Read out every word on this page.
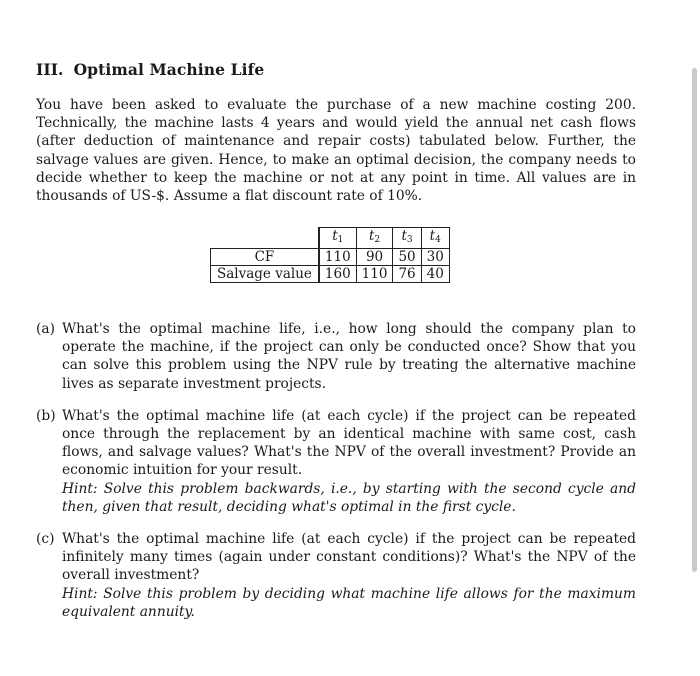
III. Optimal Machine Life
You have been asked to evaluate the purchase of a new machine costing 200. Technically, the machine lasts 4 years and would yield the annual net cash flows (after deduction of maintenance and repair costs) tabulated below. Further, the salvage values are given. Hence, to make an optimal decision, the company needs to decide whether to keep the machine or not at any point in time. All values are in thousands of US-$. Assume a flat discount rate of 10%.
	$t_1$	$t_2$	$t_3$	$t_4$
CF	110	90	50	30
Salvage value	160	110	76	40
(a) What's the optimal machine life, i.e., how long should the company plan to operate the machine, if the project can only be conducted once? Show that you can solve this problem using the NPV rule by treating the alternative machine lives as separate investment projects.
(b) What's the optimal machine life (at each cycle) if the project can be repeated once through the replacement by an identical machine with same cost, cash flows, and salvage values? What's the NPV of the overall investment? Provide an economic intuition for your result.
Hint: Solve this problem backwards, i.e., by starting with the second cycle and then, given that result, deciding what's optimal in the first cycle.
(c) What's the optimal machine life (at each cycle) if the project can be repeated infinitely many times (again under constant conditions)? What's the NPV of the overall investment?
Hint: Solve this problem by deciding what machine life allows for the maximum equivalent annuity.
